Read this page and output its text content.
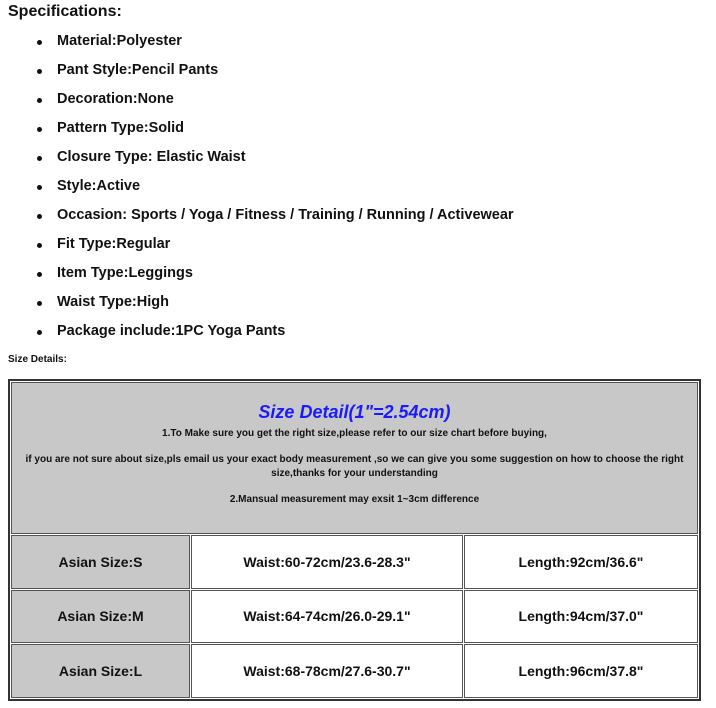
Specifications:
Material:Polyester
Pant Style:Pencil Pants
Decoration:None
Pattern Type:Solid
Closure Type: Elastic Waist
Style:Active
Occasion: Sports / Yoga / Fitness / Training / Running / Activewear
Fit Type:Regular
Item Type:Leggings
Waist Type:High
Package include:1PC Yoga Pants
Size Details:
Size Detail(1"=2.54cm)
1.To Make sure you get the right size,please refer to our size chart before buying,
if you are not sure about size,pls email us your exact body measurement ,so we can give you some suggestion on how to choose the right size,thanks for your understanding
2.Mansual measurement may exsit 1~3cm difference		

Asian Size:S	Waist:60-72cm/23.6-28.3"	Length:92cm/36.6"
Asian Size:M	Waist:64-74cm/26.0-29.1"	Length:94cm/37.0"
Asian Size:L	Waist:68-78cm/27.6-30.7"	Length:96cm/37.8"
